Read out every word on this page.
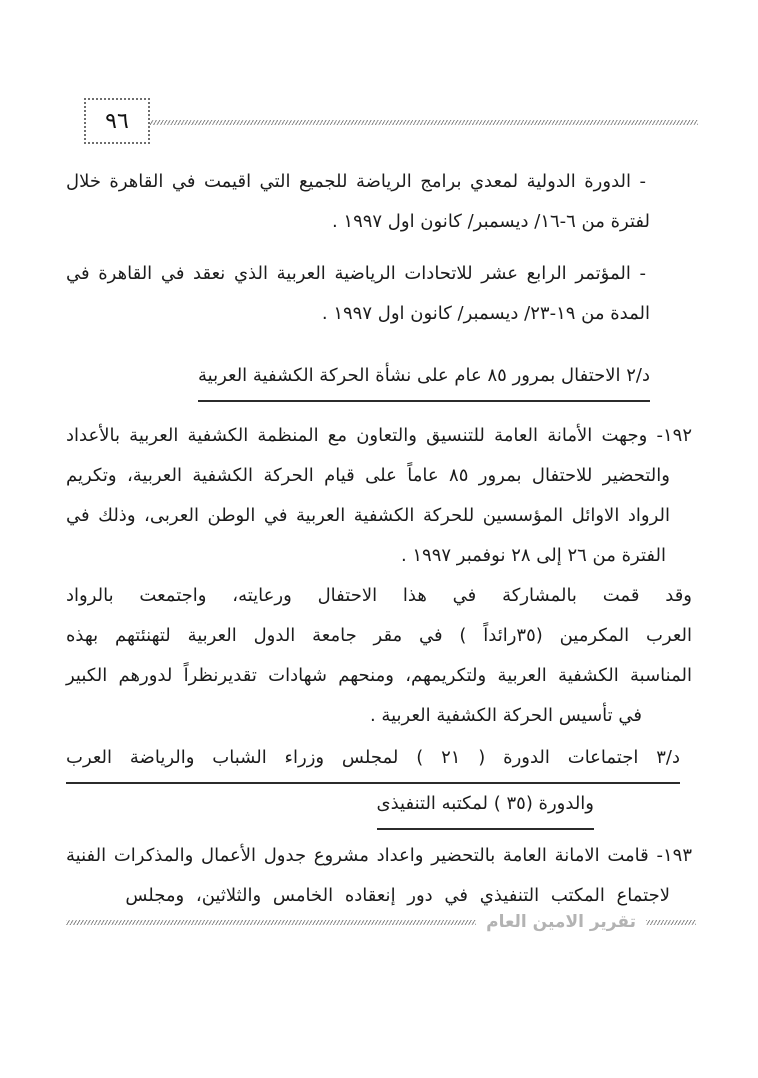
٩٦
- الدورة الدولية لمعدي برامج الرياضة للجميع التي اقيمت في القاهرة خلال
لفترة من ٦-١٦/ ديسمبر/ كانون اول ١٩٩٧ .
- المؤتمر الرابع عشر للاتحادات الرياضية العربية الذي نعقد في القاهرة في
المدة من ١٩-٢٣/ ديسمبر/ كانون اول ١٩٩٧ .
د/٢ الاحتفال بمرور ٨٥ عام على نشأة الحركة الكشفية العربية
١٩٢- وجهت الأمانة العامة للتنسيق والتعاون مع المنظمة الكشفية العربية بالأعداد
والتحضير للاحتفال بمرور ٨٥ عاماً على قيام الحركة الكشفية العربية، وتكريم
الرواد الاوائل المؤسسين للحركة الكشفية العربية في الوطن العربى، وذلك في
الفترة من ٢٦ إلى ٢٨ نوفمبر ١٩٩٧ .
وقد قمت بالمشاركة في هذا الاحتفال ورعايته، واجتمعت بالرواد
العرب المكرمين (٣٥رائداً ) في مقر جامعة الدول العربية لتهنئتهم بهذه
المناسبة الكشفية العربية ولتكريمهم، ومنحهم شهادات تقديرنظراً لدورهم الكبير
في تأسيس الحركة الكشفية العربية .
د/٣ اجتماعات الدورة ( ٢١ ) لمجلس وزراء الشباب والرياضة العرب
والدورة (٣٥ ) لمكتبه التنفيذى
١٩٣- قامت الامانة العامة بالتحضير واعداد مشروع جدول الأعمال والمذكرات الفنية
لاجتماع المكتب التنفيذي في دور إنعقاده الخامس والثلاثين، ومجلس
تقرير الامين العام
